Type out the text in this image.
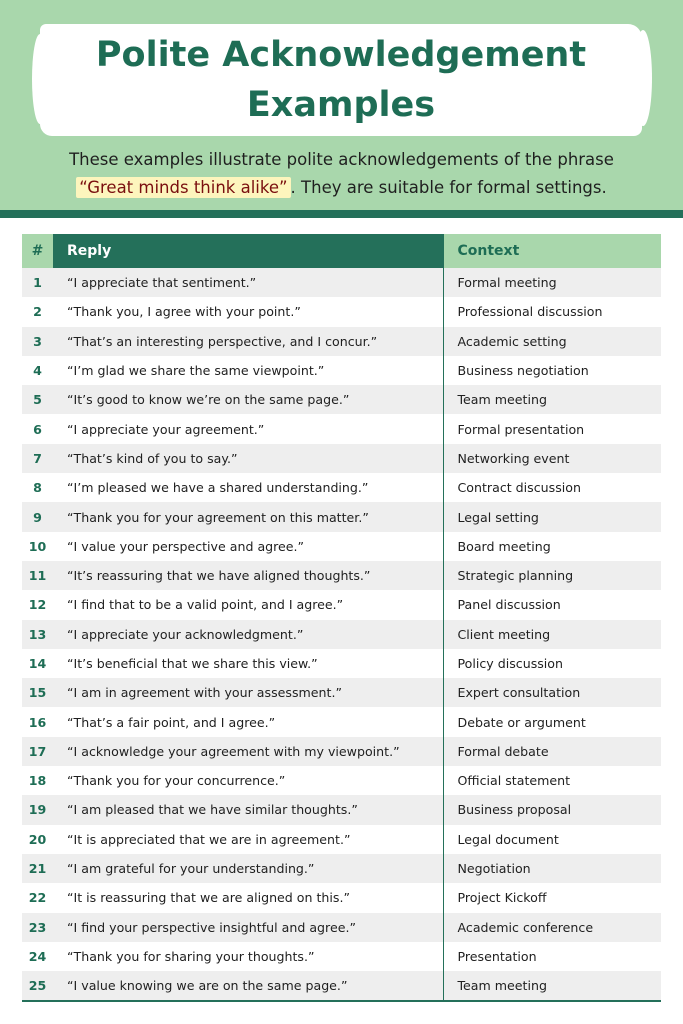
Polite Acknowledgement Examples
These examples illustrate polite acknowledgements of the phrase
“Great minds think alike” . They are suitable for formal settings.
#	Reply	Context
1	“I appreciate that sentiment.”	Formal meeting
2	“Thank you, I agree with your point.”	Professional discussion
3	“That’s an interesting perspective, and I concur.”	Academic setting
4	“I’m glad we share the same viewpoint.”	Business negotiation
5	“It’s good to know we’re on the same page.”	Team meeting
6	“I appreciate your agreement.”	Formal presentation
7	“That’s kind of you to say.”	Networking event
8	“I’m pleased we have a shared understanding.”	Contract discussion
9	“Thank you for your agreement on this matter.”	Legal setting
10	“I value your perspective and agree.”	Board meeting
11	“It’s reassuring that we have aligned thoughts.”	Strategic planning
12	“I find that to be a valid point, and I agree.”	Panel discussion
13	“I appreciate your acknowledgment.”	Client meeting
14	“It’s beneficial that we share this view.”	Policy discussion
15	“I am in agreement with your assessment.”	Expert consultation
16	“That’s a fair point, and I agree.”	Debate or argument
17	“I acknowledge your agreement with my viewpoint.”	Formal debate
18	“Thank you for your concurrence.”	Official statement
19	“I am pleased that we have similar thoughts.”	Business proposal
20	“It is appreciated that we are in agreement.”	Legal document
21	“I am grateful for your understanding.”	Negotiation
22	“It is reassuring that we are aligned on this.”	Project Kickoff
23	“I find your perspective insightful and agree.”	Academic conference
24	“Thank you for sharing your thoughts.”	Presentation
25	“I value knowing we are on the same page.”	Team meeting
